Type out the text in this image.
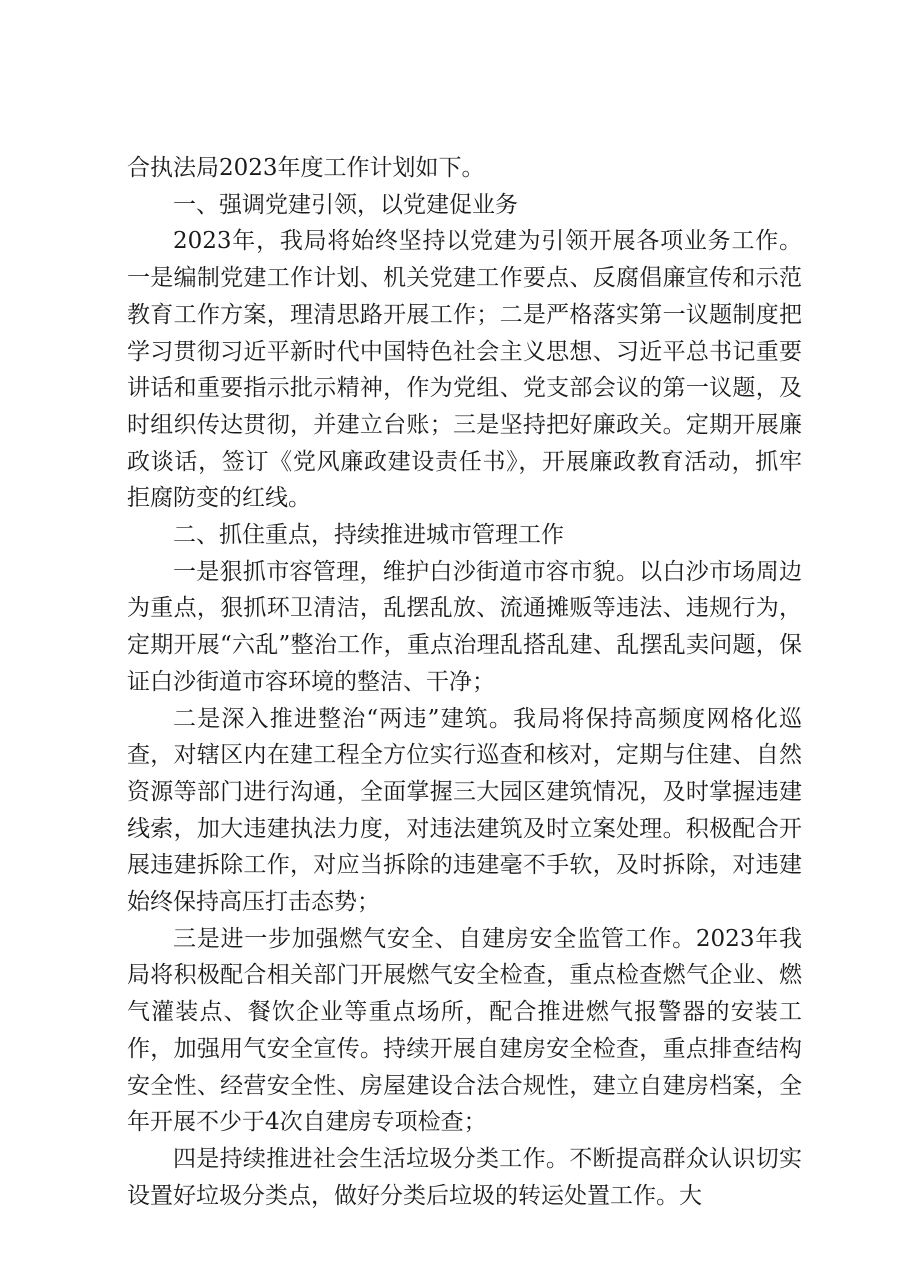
合执法局2023年度工作计划如下。

一、强调党建引领，以党建促业务

2023年，我局将始终坚持以党建为引领开展各项业务工作。一是编制党建工作计划、机关党建工作要点、反腐倡廉宣传和示范教育工作方案，理清思路开展工作；二是严格落实第一议题制度把学习贯彻习近平新时代中国特色社会主义思想、习近平总书记重要讲话和重要指示批示精神，作为党组、党支部会议的第一议题，及时组织传达贯彻，并建立台账；三是坚持把好廉政关。定期开展廉政谈话，签订《党风廉政建设责任书》，开展廉政教育活动，抓牢拒腐防变的红线。

二、抓住重点，持续推进城市管理工作

一是狠抓市容管理，维护白沙街道市容市貌。以白沙市场周边为重点，狠抓环卫清洁，乱摆乱放、流通摊贩等违法、违规行为，定期开展“六乱”整治工作，重点治理乱搭乱建、乱摆乱卖问题，保证白沙街道市容环境的整洁、干净；

二是深入推进整治“两违”建筑。我局将保持高频度网格化巡查，对辖区内在建工程全方位实行巡查和核对，定期与住建、自然资源等部门进行沟通，全面掌握三大园区建筑情况，及时掌握违建线索，加大违建执法力度，对违法建筑及时立案处理。积极配合开展违建拆除工作，对应当拆除的违建毫不手软，及时拆除，对违建始终保持高压打击态势；

三是进一步加强燃气安全、自建房安全监管工作。2023年我局将积极配合相关部门开展燃气安全检查，重点检查燃气企业、燃气灌装点、餐饮企业等重点场所，配合推进燃气报警器的安装工作，加强用气安全宣传。持续开展自建房安全检查，重点排查结构安全性、经营安全性、房屋建设合法合规性，建立自建房档案，全年开展不少于4次自建房专项检查；

四是持续推进社会生活垃圾分类工作。不断提高群众认识切实设置好垃圾分类点，做好分类后垃圾的转运处置工作。大
